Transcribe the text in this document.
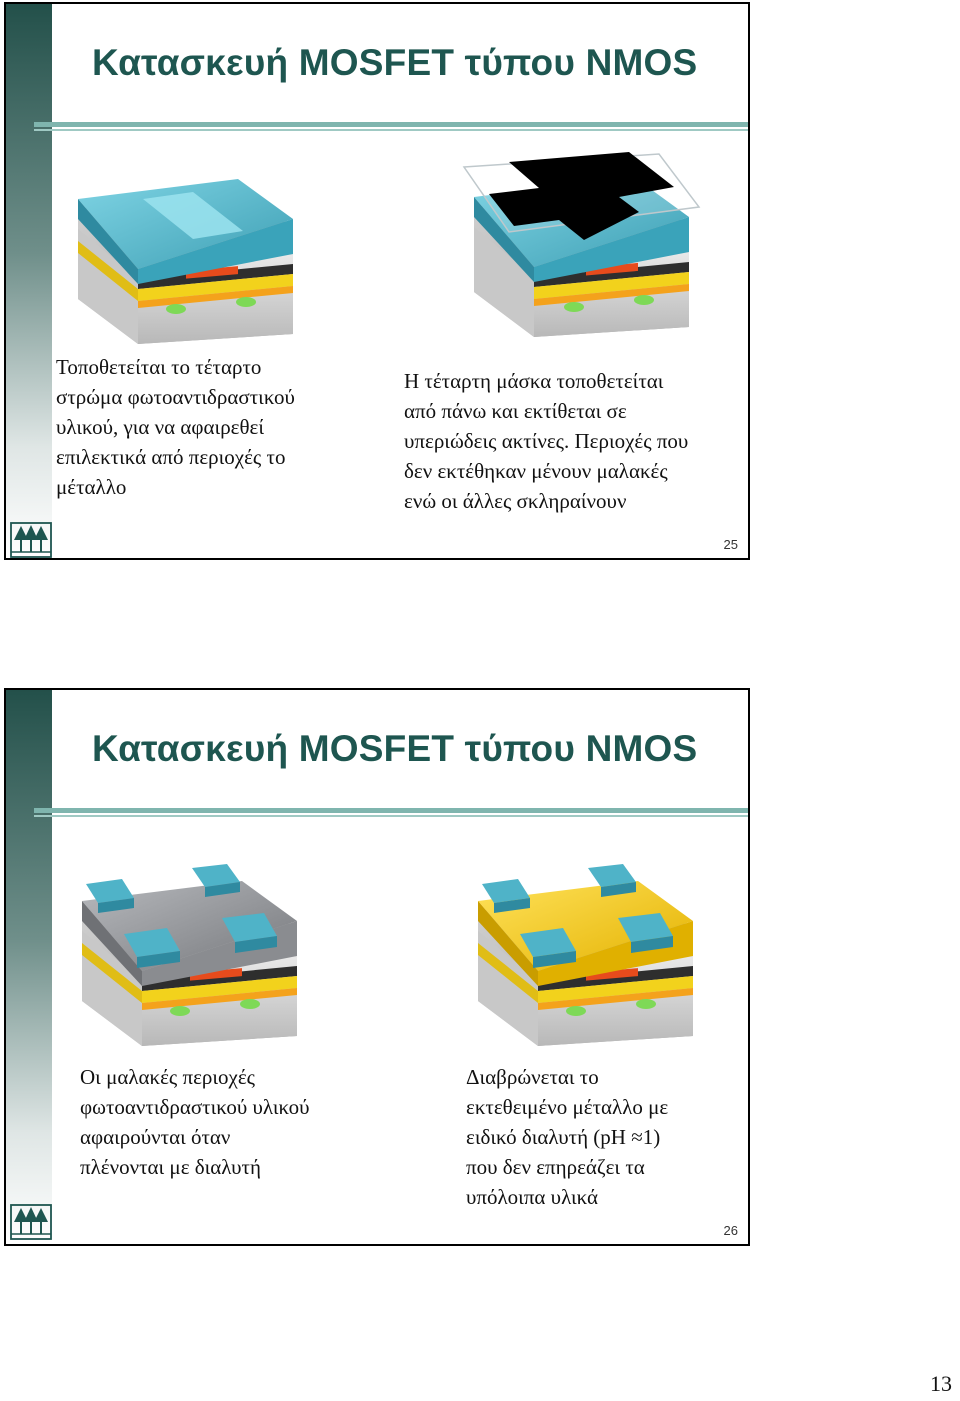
Κατασκευή MOSFET τύπου NMOS

Τοποθετείται το τέταρτο
στρώμα φωτοαντιδραστικού
υλικού, για να αφαιρεθεί
επιλεκτικά από περιοχές το
μέταλλο

Η τέταρτη μάσκα τοποθετείται
από πάνω και εκτίθεται σε
υπεριώδεις ακτίνες. Περιοχές που
δεν εκτέθηκαν μένουν μαλακές
ενώ οι άλλες σκληραίνουν

25
Κατασκευή MOSFET τύπου NMOS

Οι μαλακές περιοχές
φωτοαντιδραστικού υλικού
αφαιρούνται όταν
πλένονται με διαλυτή

Διαβρώνεται το
εκτεθειμένο μέταλλο με
ειδικό διαλυτή (pH ≈1)
που δεν επηρεάζει τα
υπόλοιπα υλικά

26
13
